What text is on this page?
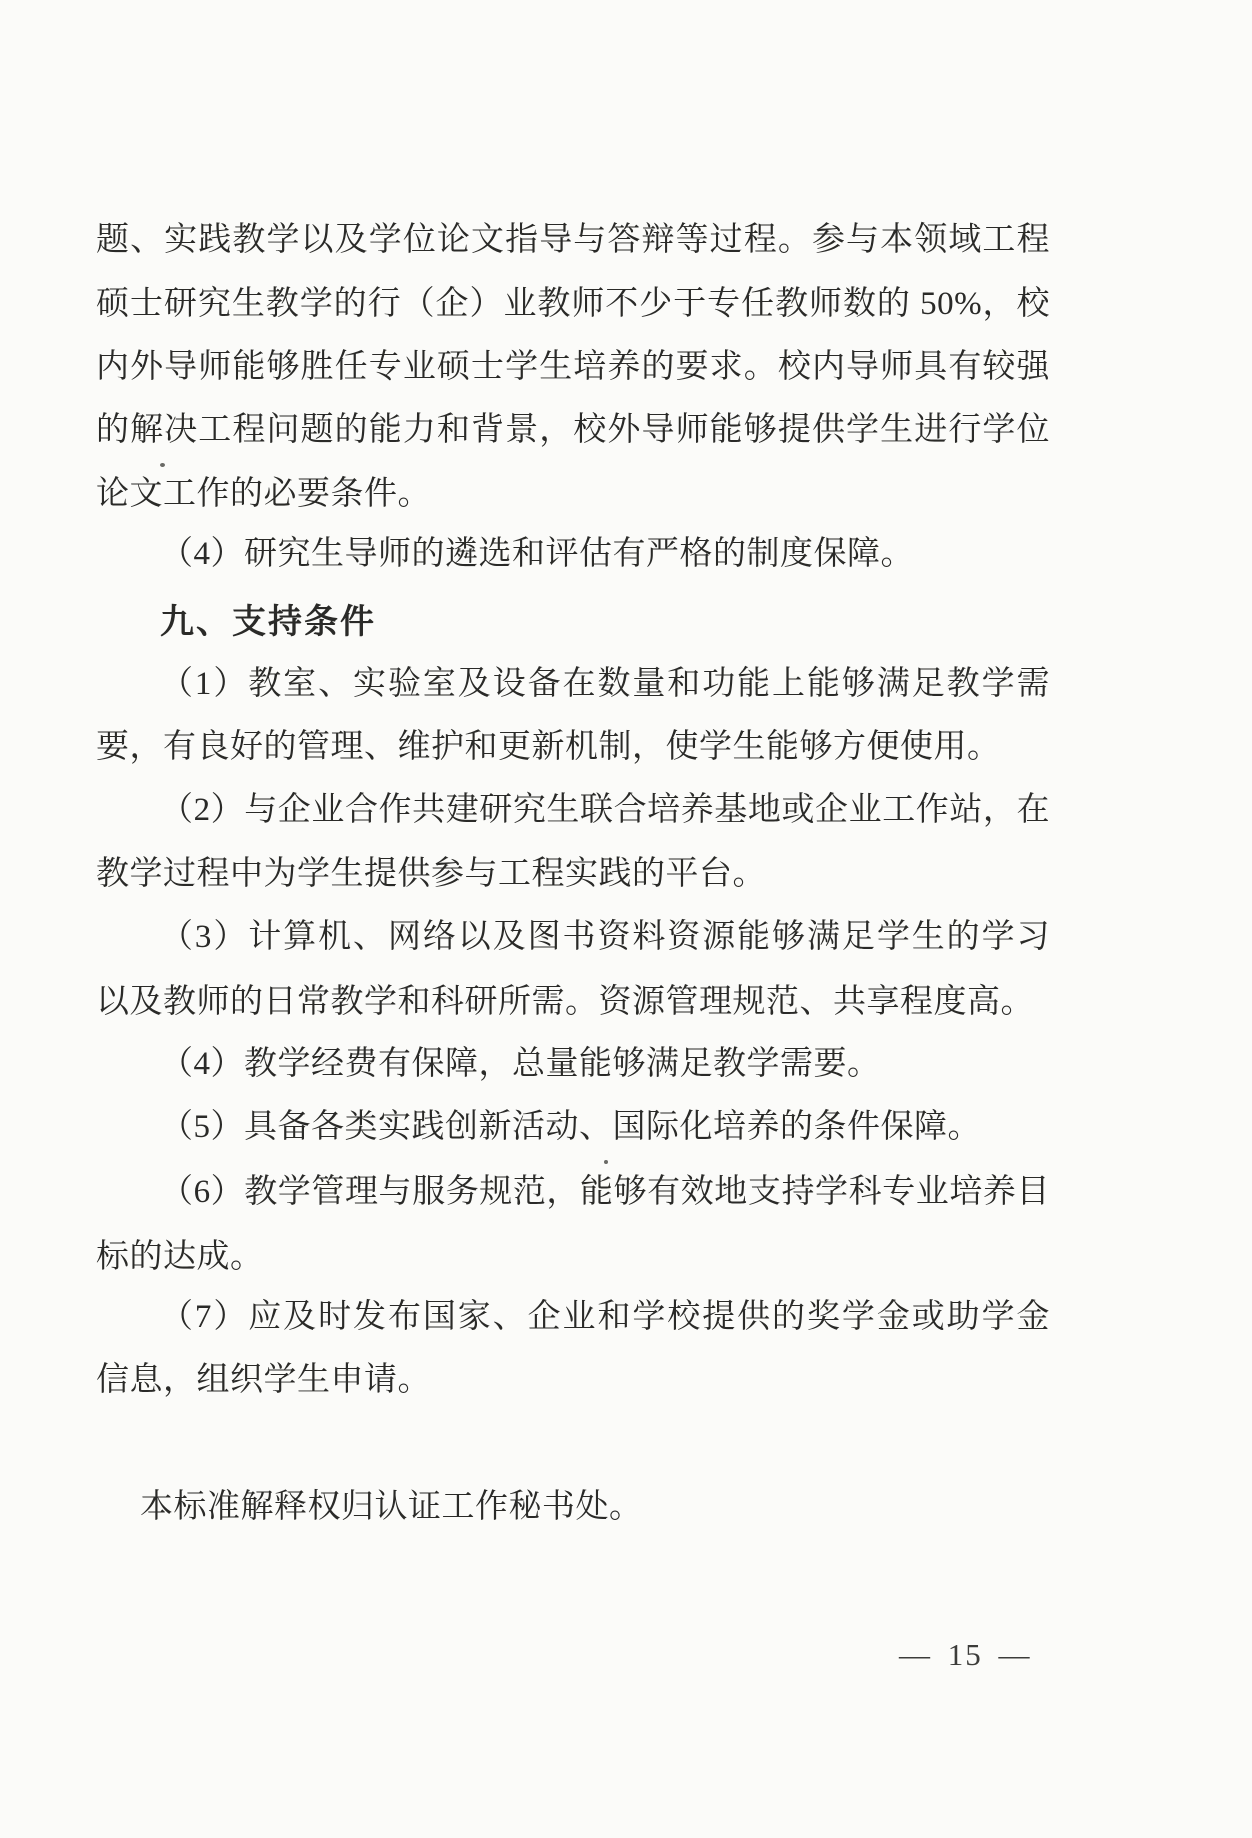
题、实践教学以及学位论文指导与答辩等过程。参与本领域工程
硕士研究生教学的行（企）业教师不少于专任教师数的 50%，校
内外导师能够胜任专业硕士学生培养的要求。校内导师具有较强
的解决工程问题的能力和背景，校外导师能够提供学生进行学位
论文工作的必要条件。
（4）研究生导师的遴选和评估有严格的制度保障。
九、支持条件
（1）教室、实验室及设备在数量和功能上能够满足教学需
要，有良好的管理、维护和更新机制，使学生能够方便使用。
（2）与企业合作共建研究生联合培养基地或企业工作站，在
教学过程中为学生提供参与工程实践的平台。
（3）计算机、网络以及图书资料资源能够满足学生的学习
以及教师的日常教学和科研所需。资源管理规范、共享程度高。
（4）教学经费有保障，总量能够满足教学需要。
（5）具备各类实践创新活动、国际化培养的条件保障。
（6）教学管理与服务规范，能够有效地支持学科专业培养目
标的达成。
（7）应及时发布国家、企业和学校提供的奖学金或助学金
信息，组织学生申请。
本标准解释权归认证工作秘书处。
— 15 —
